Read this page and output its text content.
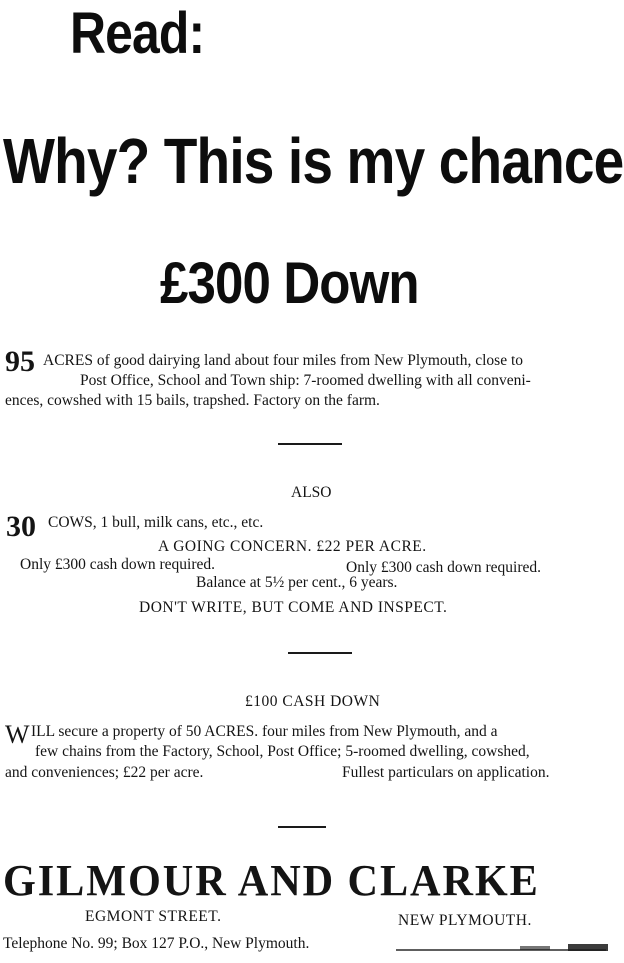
Read:
Why? This is my chance
£300 Down
95 ACRES of good dairying land about four miles from New Plymouth, close to
Post Office, School and Town ship: 7-roomed dwelling with all conveni-
ences, cowshed with 15 bails, trapshed. Factory on the farm.
ALSO
30 COWS, 1 bull, milk cans, etc., etc.
A GOING CONCERN. £22 PER ACRE.
Only £300 cash down required.	Only £300 cash down required.
Balance at 5½ per cent., 6 years.
DON'T WRITE, BUT COME AND INSPECT.
£100 CASH DOWN
W ILL secure a property of 50 ACRES. four miles from New Plymouth, and a
few chains from the Factory, School, Post Office; 5-roomed dwelling, cowshed,
and conveniences; £22 per acre.	Fullest particulars on application.
GILMOUR AND CLARKE
EGMONT STREET.	NEW PLYMOUTH.
Telephone No. 99; Box 127 P.O., New Plymouth.
